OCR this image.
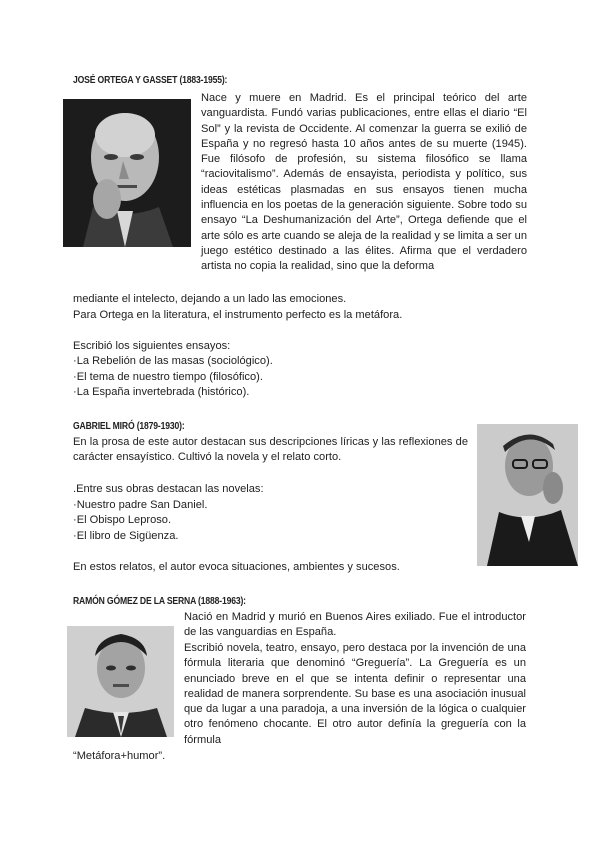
JOSÉ ORTEGA Y GASSET (1883-1955):

Nace y muere en Madrid. Es el principal teórico del arte vanguardista. Fundó varias publicaciones, entre ellas el diario “El Sol” y la revista de Occidente. Al comenzar la guerra se exilió de España y no regresó hasta 10 años antes de su muerte (1945). Fue filósofo de profesión, su sistema filosófico se llama “raciovitalismo”. Además de ensayista, periodista y político, sus ideas estéticas plasmadas en sus ensayos tienen mucha influencia en los poetas de la generación siguiente. Sobre todo su ensayo “La Deshumanización del Arte”, Ortega defiende que el arte sólo es arte cuando se aleja de la realidad y se limita a ser un juego estético destinado a las élites. Afirma que el verdadero artista no copia la realidad, sino que la deforma

mediante el intelecto, dejando a un lado las emociones.

Para Ortega en la literatura, el instrumento perfecto es la metáfora.

Escribió los siguientes ensayos:

·La Rebelión de las masas (sociológico).

·El tema de nuestro tiempo (filosófico).

·La España invertebrada (histórico).

GABRIEL MIRÓ (1879-1930):

En la prosa de este autor destacan sus descripciones líricas y las reflexiones de carácter ensayístico. Cultivó la novela y el relato corto.

.Entre sus obras destacan las novelas:

·Nuestro padre San Daniel.

·El Obispo Leproso.

·El libro de Sigüenza.

En estos relatos, el autor evoca situaciones, ambientes y sucesos.

RAMÓN GÓMEZ DE LA SERNA (1888-1963):

Nació en Madrid y murió en Buenos Aires exiliado. Fue el introductor de las vanguardias en España.

Escribió novela, teatro, ensayo, pero destaca por la invención de una fórmula literaria que denominó “Greguería”. La Greguería es un enunciado breve en el que se intenta definir o representar una realidad de manera sorprendente. Su base es una asociación inusual que da lugar a una paradoja, a una inversión de la lógica o cualquier otro fenómeno chocante. El otro autor definía la greguería con la fórmula

“Metáfora+humor”.
